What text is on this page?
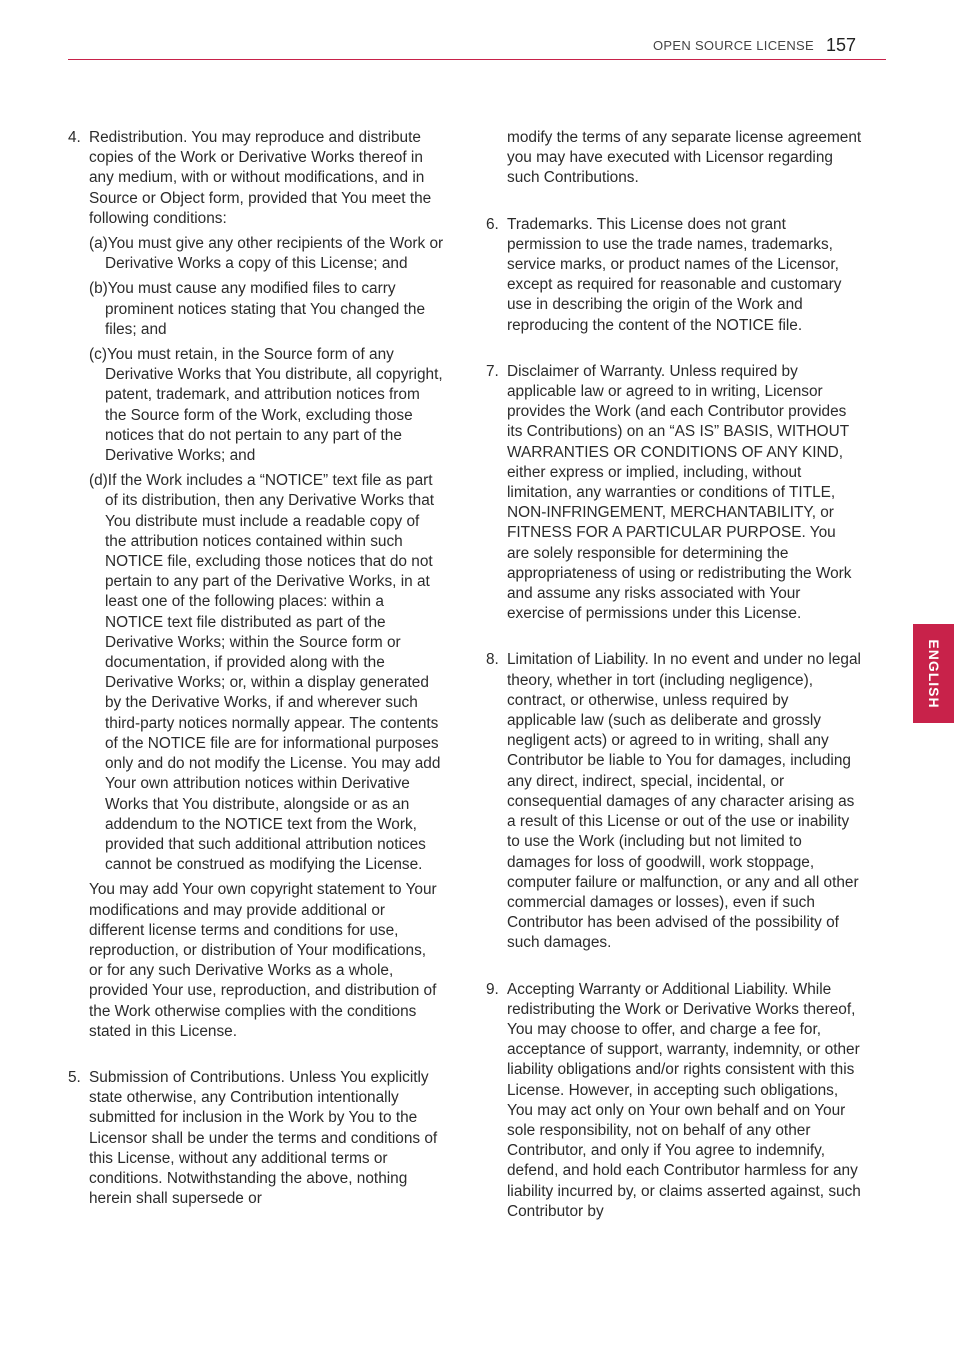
OPEN SOURCE LICENSE 157
4. Redistribution. You may reproduce and distribute copies of the Work or Derivative Works thereof in any medium, with or without modifications, and in Source or Object form, provided that You meet the following conditions:

(a)You must give any other recipients of the Work or Derivative Works a copy of this License; and
(b)You must cause any modified files to carry prominent notices stating that You changed the files; and
(c)You must retain, in the Source form of any Derivative Works that You distribute, all copyright, patent, trademark, and attribution notices from the Source form of the Work, excluding those notices that do not pertain to any part of the Derivative Works; and
(d)If the Work includes a “NOTICE” text file as part of its distribution, then any Derivative Works that You distribute must include a readable copy of the attribution notices contained within such NOTICE file, excluding those notices that do not pertain to any part of the Derivative Works, in at least one of the following places: within a NOTICE text file distributed as part of the Derivative Works; within the Source form or documentation, if provided along with the Derivative Works; or, within a display generated by the Derivative Works, if and wherever such third-party notices normally appear. The contents of the NOTICE file are for informational purposes only and do not modify the License. You may add Your own attribution notices within Derivative Works that You distribute, alongside or as an addendum to the NOTICE text from the Work, provided that such additional attribution notices cannot be construed as modifying the License.
You may add Your own copyright statement to Your modifications and may provide additional or different license terms and conditions for use, reproduction, or distribution of Your modifications, or for any such Derivative Works as a whole, provided Your use, reproduction, and distribution of the Work otherwise complies with the conditions stated in this License.
5. Submission of Contributions. Unless You explicitly state otherwise, any Contribution intentionally submitted for inclusion in the Work by You to the Licensor shall be under the terms and conditions of this License, without any additional terms or conditions. Notwithstanding the above, nothing herein shall supersede or

modify the terms of any separate license agreement you may have executed with Licensor regarding such Contributions.
6. Trademarks. This License does not grant permission to use the trade names, trademarks, service marks, or product names of the Licensor, except as required for reasonable and customary use in describing the origin of the Work and reproducing the content of the NOTICE file.

7. Disclaimer of Warranty. Unless required by applicable law or agreed to in writing, Licensor provides the Work (and each Contributor provides its Contributions) on an “AS IS” BASIS, WITHOUT WARRANTIES OR CONDITIONS OF ANY KIND, either express or implied, including, without limitation, any warranties or conditions of TITLE, NON-INFRINGEMENT, MERCHANTABILITY, or FITNESS FOR A PARTICULAR PURPOSE. You are solely responsible for determining the appropriateness of using or redistributing the Work and assume any risks associated with Your exercise of permissions under this License.

8. Limitation of Liability. In no event and under no legal theory, whether in tort (including negligence), contract, or otherwise, unless required by applicable law (such as deliberate and grossly negligent acts) or agreed to in writing, shall any Contributor be liable to You for damages, including any direct, indirect, special, incidental, or consequential damages of any character arising as a result of this License or out of the use or inability to use the Work (including but not limited to damages for loss of goodwill, work stoppage, computer failure or malfunction, or any and all other commercial damages or losses), even if such Contributor has been advised of the possibility of such damages.

9. Accepting Warranty or Additional Liability. While redistributing the Work or Derivative Works thereof, You may choose to offer, and charge a fee for, acceptance of support, warranty, indemnity, or other liability obligations and/or rights consistent with this License. However, in accepting such obligations, You may act only on Your own behalf and on Your sole responsibility, not on behalf of any other Contributor, and only if You agree to indemnify, defend, and hold each Contributor harmless for any liability incurred by, or claims asserted against, such Contributor by

ENGLISH
